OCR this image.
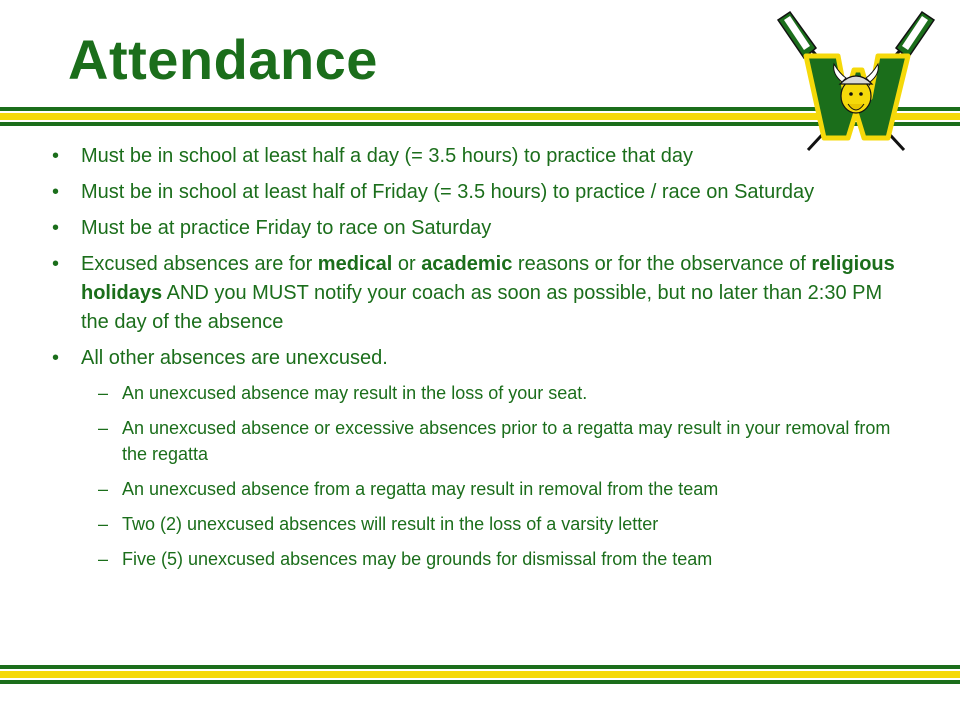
Attendance
•	Must be in school at least half a day (= 3.5 hours) to practice that day
•	Must be in school at least half of Friday (= 3.5 hours) to practice / race on Saturday
•	Must be at practice Friday to race on Saturday
•	Excused absences are for medical or academic reasons or for the observance of religious holidays AND you MUST notify your coach as soon as possible, but no later than 2:30 PM the day of the absence
•	All other absences are unexcused.
– An unexcused absence may result in the loss of your seat.
– An unexcused absence or excessive absences prior to a regatta may result in your removal from the regatta
– An unexcused absence from a regatta may result in removal from the team
– Two (2) unexcused absences will result in the loss of a varsity letter
– Five (5) unexcused absences may be grounds for dismissal from the team
